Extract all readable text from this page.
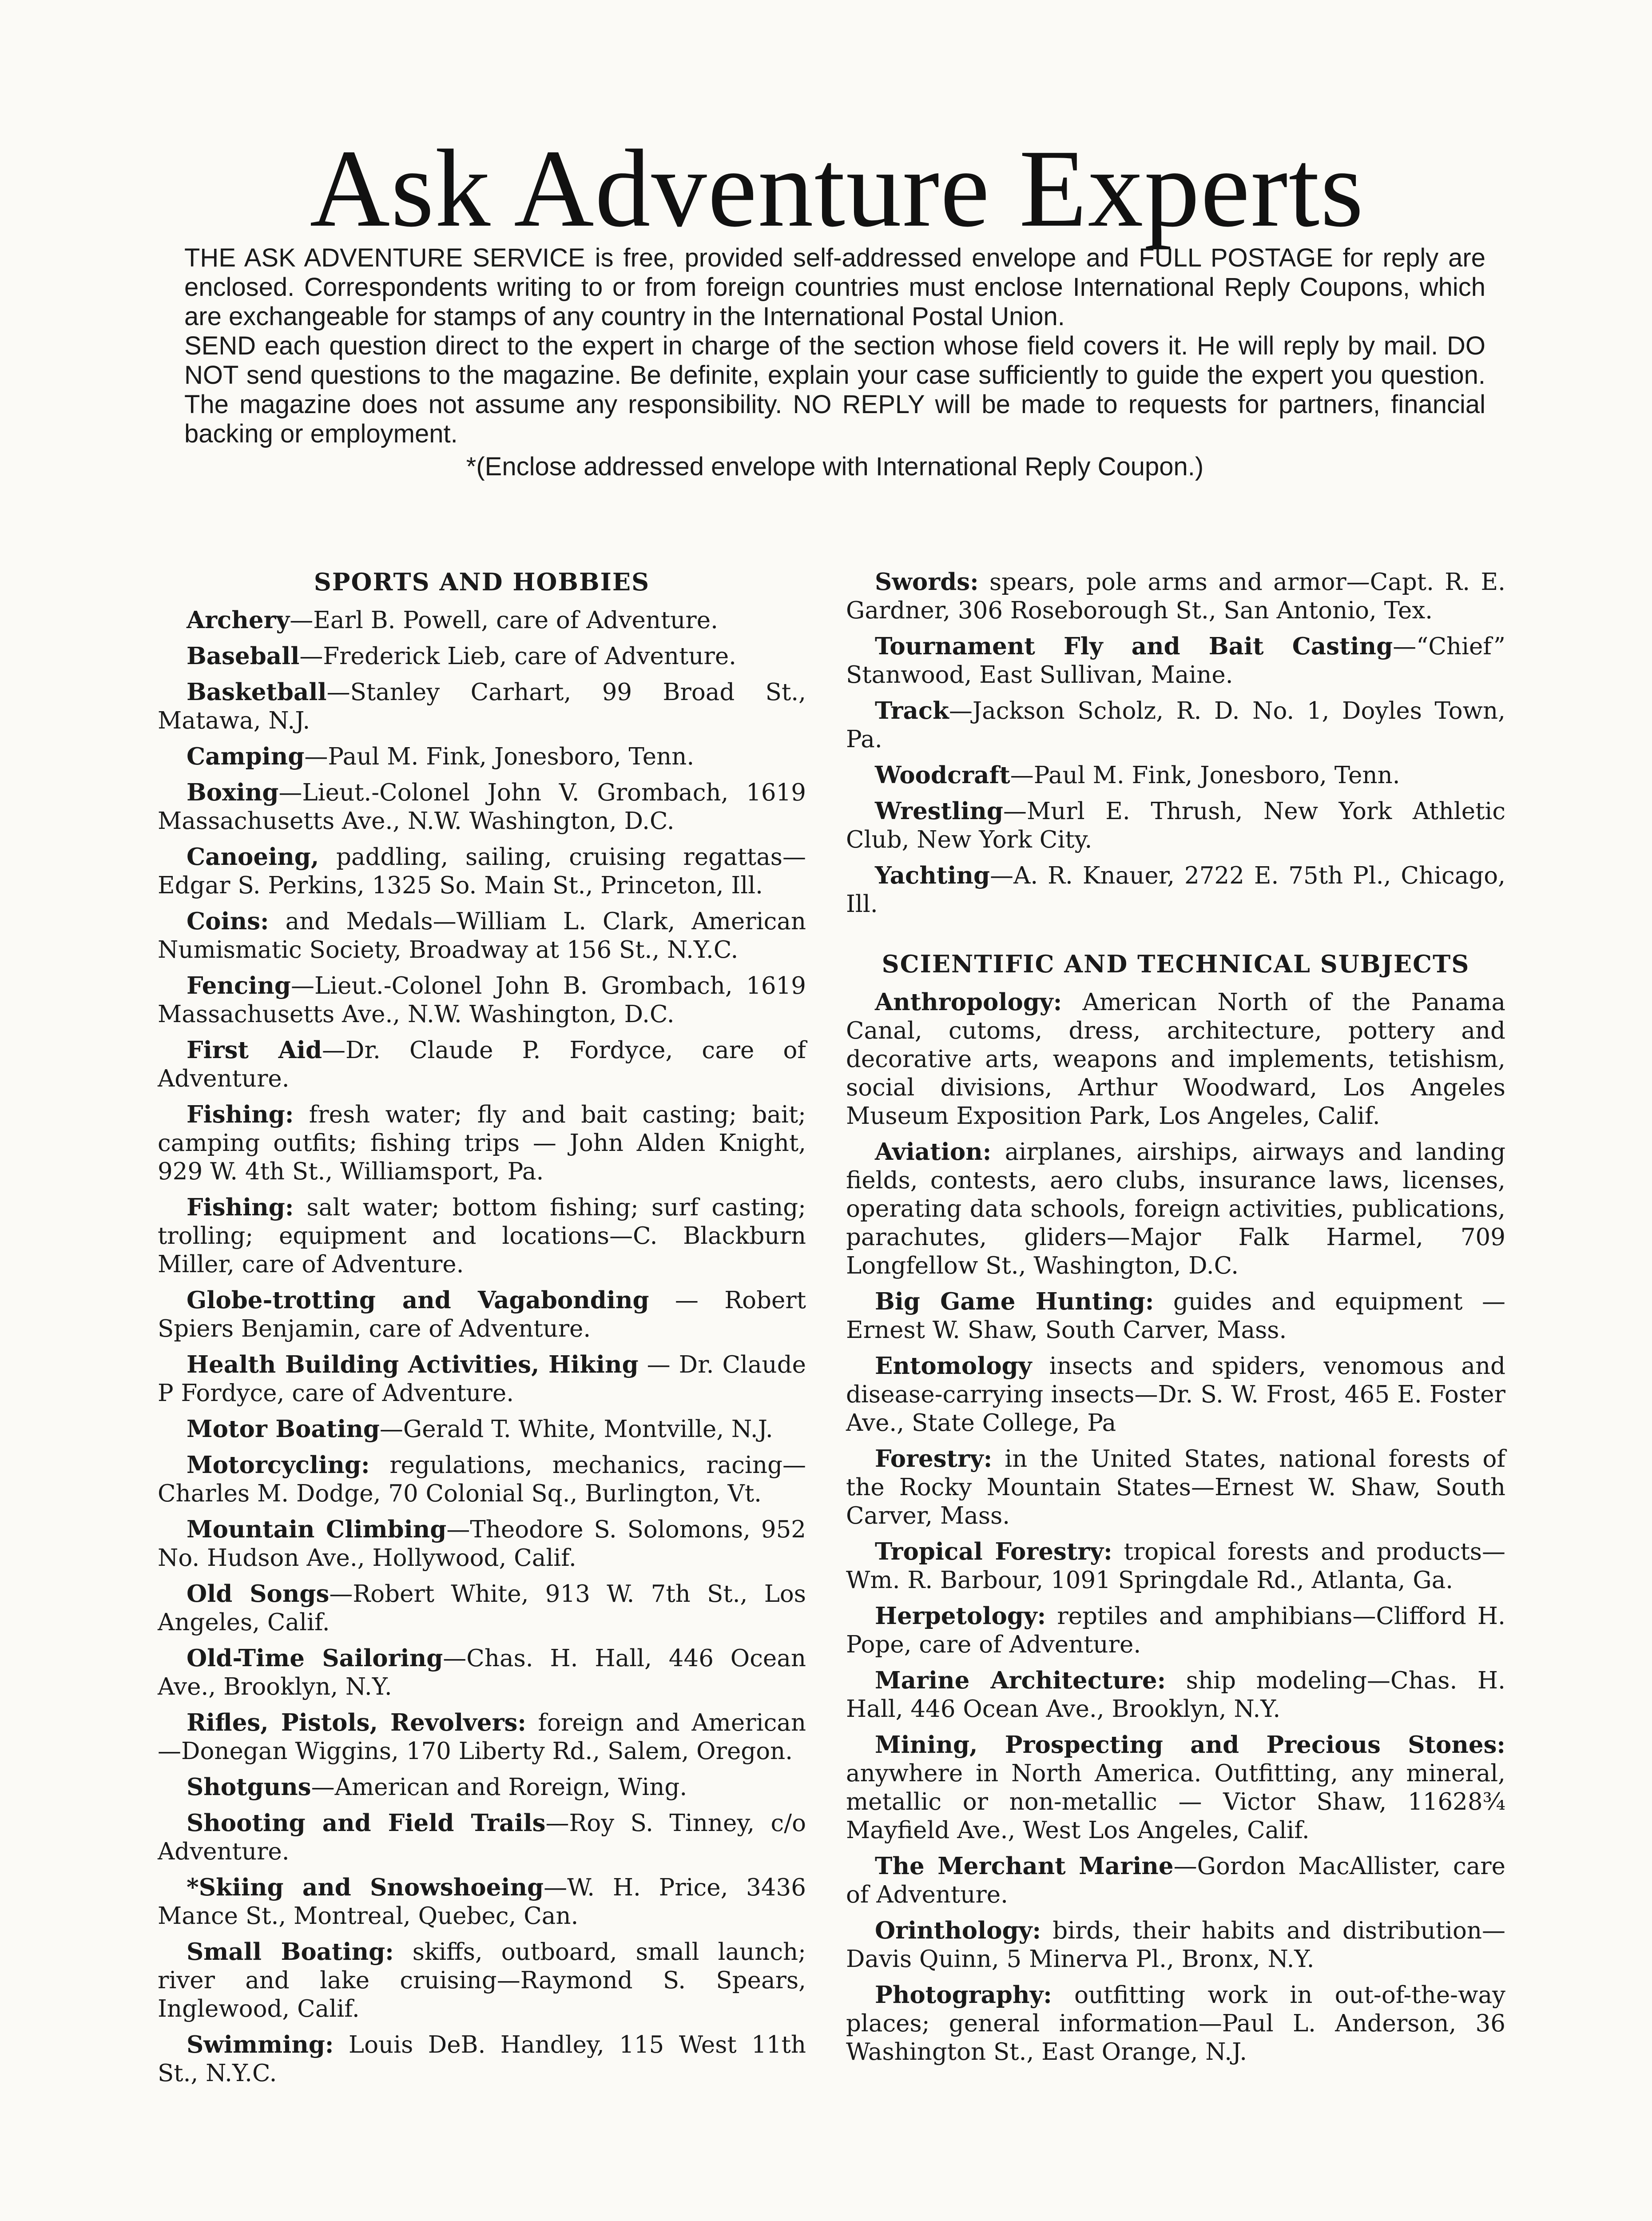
Ask Adventure Experts

THE ASK ADVENTURE SERVICE is free, provided self-addressed envelope and FULL POSTAGE for reply are enclosed. Correspondents writing to or from foreign countries must enclose International Reply Coupons, which are exchangeable for stamps of any country in the International Postal Union.

SEND each question direct to the expert in charge of the section whose field covers it. He will reply by mail. DO NOT send questions to the magazine. Be definite, explain your case sufficiently to guide the expert you question. The magazine does not assume any responsibility. NO REPLY will be made to requests for partners, financial backing or employment.

*(Enclose addressed envelope with International Reply Coupon.)

SPORTS AND HOBBIES

Archery—Earl B. Powell, care of Adventure.

Baseball—Frederick Lieb, care of Adventure.

Basketball—Stanley Carhart, 99 Broad St., Matawa, N.J.

Camping—Paul M. Fink, Jonesboro, Tenn.

Boxing—Lieut.-Colonel John V. Grombach, 1619 Massachusetts Ave., N.W. Washington, D.C.

Canoeing, paddling, sailing, cruising regattas—Edgar S. Perkins, 1325 So. Main St., Princeton, Ill.

Coins: and Medals—William L. Clark, American Numismatic Society, Broadway at 156 St., N.Y.C.

Fencing—Lieut.-Colonel John B. Grombach, 1619 Massachusetts Ave., N.W. Washington, D.C.

First Aid—Dr. Claude P. Fordyce, care of Adventure.

Fishing: fresh water; fly and bait casting; bait; camping outfits; fishing trips — John Alden Knight, 929 W. 4th St., Williamsport, Pa.

Fishing: salt water; bottom fishing; surf casting; trolling; equipment and locations—C. Blackburn Miller, care of Adventure.

Globe-trotting and Vagabonding — Robert Spiers Benjamin, care of Adventure.

Health Building Activities, Hiking — Dr. Claude P Fordyce, care of Adventure.

Motor Boating—Gerald T. White, Montville, N.J.

Motorcycling: regulations, mechanics, racing—Charles M. Dodge, 70 Colonial Sq., Burlington, Vt.

Mountain Climbing—Theodore S. Solomons, 952 No. Hudson Ave., Hollywood, Calif.

Old Songs—Robert White, 913 W. 7th St., Los Angeles, Calif.

Old-Time Sailoring—Chas. H. Hall, 446 Ocean Ave., Brooklyn, N.Y.

Rifles, Pistols, Revolvers: foreign and American—Donegan Wiggins, 170 Liberty Rd., Salem, Oregon.

Shotguns—American and Roreign, Wing.

Shooting and Field Trails—Roy S. Tinney, c/o Adventure.

*Skiing and Snowshoeing—W. H. Price, 3436 Mance St., Montreal, Quebec, Can.

Small Boating: skiffs, outboard, small launch; river and lake cruising—Raymond S. Spears, Inglewood, Calif.

Swimming: Louis DeB. Handley, 115 West 11th St., N.Y.C.

Swords: spears, pole arms and armor—Capt. R. E. Gardner, 306 Roseborough St., San Antonio, Tex.

Tournament Fly and Bait Casting—“Chief” Stanwood, East Sullivan, Maine.

Track—Jackson Scholz, R. D. No. 1, Doyles Town, Pa.

Woodcraft—Paul M. Fink, Jonesboro, Tenn.

Wrestling—Murl E. Thrush, New York Athletic Club, New York City.

Yachting—A. R. Knauer, 2722 E. 75th Pl., Chicago, Ill.

SCIENTIFIC AND TECHNICAL SUBJECTS

Anthropology: American North of the Panama Canal, cutoms, dress, architecture, pottery and decorative arts, weapons and implements, tetishism, social divisions, Arthur Woodward, Los Angeles Museum Exposition Park, Los Angeles, Calif.

Aviation: airplanes, airships, airways and landing fields, contests, aero clubs, insurance laws, licenses, operating data schools, foreign activities, publications, parachutes, gliders—Major Falk Harmel, 709 Longfellow St., Washington, D.C.

Big Game Hunting: guides and equipment —Ernest W. Shaw, South Carver, Mass.

Entomology insects and spiders, venomous and disease-carrying insects—Dr. S. W. Frost, 465 E. Foster Ave., State College, Pa

Forestry: in the United States, national forests of the Rocky Mountain States—Ernest W. Shaw, South Carver, Mass.

Tropical Forestry: tropical forests and products—Wm. R. Barbour, 1091 Springdale Rd., Atlanta, Ga.

Herpetology: reptiles and amphibians—Clifford H. Pope, care of Adventure.

Marine Architecture: ship modeling—Chas. H. Hall, 446 Ocean Ave., Brooklyn, N.Y.

Mining, Prospecting and Precious Stones: anywhere in North America. Outfitting, any mineral, metallic or non-metallic — Victor Shaw, 11628¾ Mayfield Ave., West Los Angeles, Calif.

The Merchant Marine—Gordon MacAllister, care of Adventure.

Orinthology: birds, their habits and distribution—Davis Quinn, 5 Minerva Pl., Bronx, N.Y.

Photography: outfitting work in out-of-the-way places; general information—Paul L. Anderson, 36 Washington St., East Orange, N.J.
